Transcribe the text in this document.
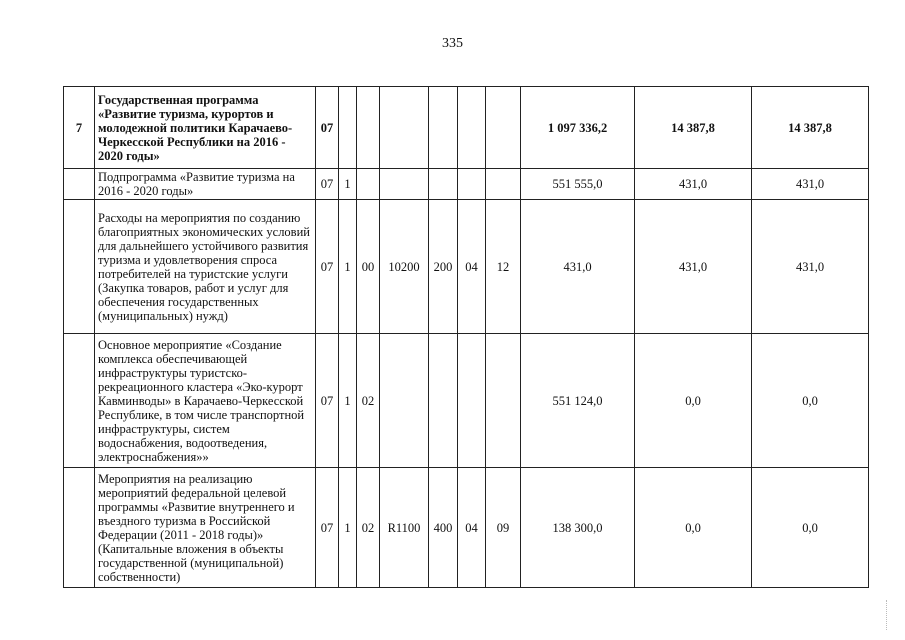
335
7	Государственная программа «Развитие туризма, курортов и молодежной политики Карачаево-Черкесской Республики на 2016 - 2020 годы»	07							1 097 336,2	14 387,8	14 387,8
	Подпрограмма «Развитие туризма на 2016 - 2020 годы»	07	1						551 555,0	431,0	431,0
	Расходы на мероприятия по созданию благоприятных экономических условий для дальнейшего устойчивого развития туризма и удовлетворения спроса потребителей на туристские услуги (Закупка товаров, работ и услуг для обеспечения государственных (муниципальных) нужд)	07	1	00	10200	200	04	12	431,0	431,0	431,0
	Основное мероприятие «Создание комплекса обеспечивающей инфраструктуры туристско-рекреационного кластера «Эко-курорт Кавминводы» в Карачаево-Черкесской Республике, в том числе транспортной инфраструктуры, систем водоснабжения, водоотведения, электроснабжения»»	07	1	02					551 124,0	0,0	0,0
	Мероприятия на реализацию мероприятий федеральной целевой программы «Развитие внутреннего и въездного туризма в Российской Федерации (2011 - 2018 годы)» (Капитальные вложения в объекты государственной (муниципальной) собственности)	07	1	02	R1100	400	04	09	138 300,0	0,0	0,0
